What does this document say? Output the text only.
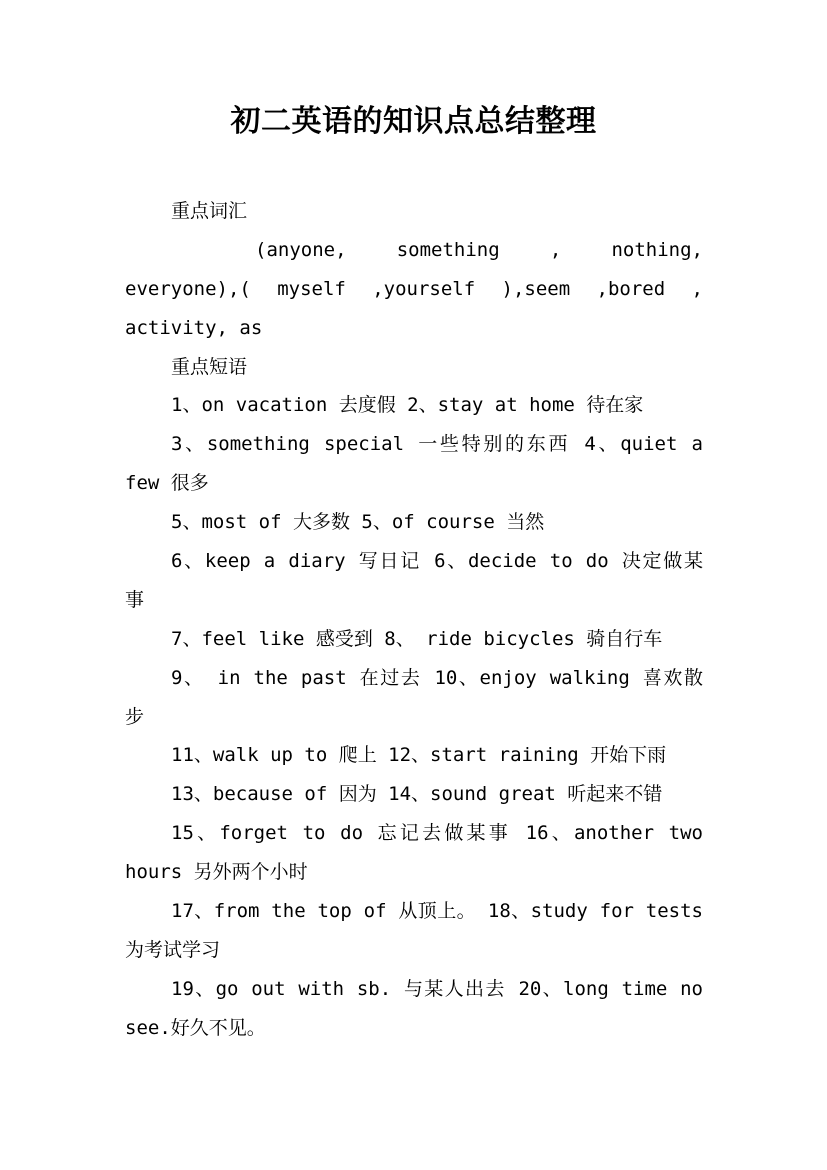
初二英语的知识点总结整理
重点词汇
(anyone, something , nothing,
everyone),( myself ,yourself ),seem ,bored ,
activity, as
重点短语
1、on vacation 去度假 2、stay at home 待在家
3、something special 一些特别的东西 4、quiet a
few 很多
5、most of 大多数 5、of course 当然
6、keep a diary 写日记 6、decide to do 决定做某
事
7、feel like 感受到 8、 ride bicycles 骑自行车
9、 in the past 在过去 10、enjoy walking 喜欢散
步
11、walk up to 爬上 12、start raining 开始下雨
13、because of 因为 14、sound great 听起来不错
15、forget to do 忘记去做某事 16、another two
hours 另外两个小时
17、from the top of 从顶上。 18、study for tests
为考试学习
19、go out with sb. 与某人出去 20、long time no
see.好久不见。
